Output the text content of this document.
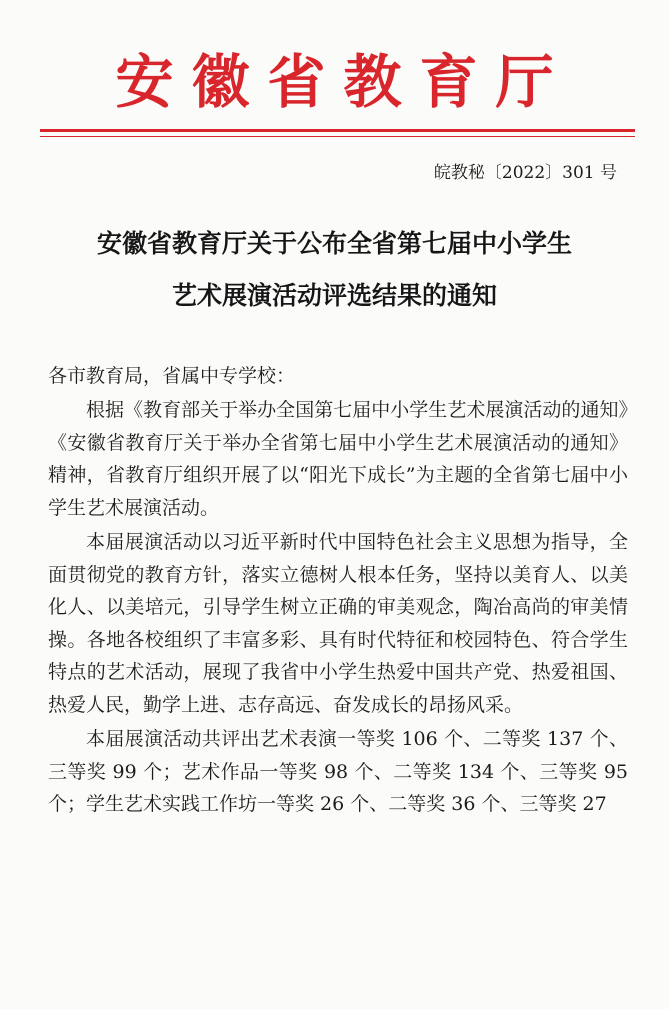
安徽省教育厅
皖教秘〔2022〕301 号
安徽省教育厅关于公布全省第七届中小学生
艺术展演活动评选结果的通知

各市教育局，省属中专学校：

根据《教育部关于举办全国第七届中小学生艺术展演活动的通知》《安徽省教育厅关于举办全省第七届中小学生艺术展演活动的通知》精神，省教育厅组织开展了以“阳光下成长”为主题的全省第七届中小学生艺术展演活动。

本届展演活动以习近平新时代中国特色社会主义思想为指导，全面贯彻党的教育方针，落实立德树人根本任务，坚持以美育人、以美化人、以美培元，引导学生树立正确的审美观念，陶冶高尚的审美情操。各地各校组织了丰富多彩、具有时代特征和校园特色、符合学生特点的艺术活动，展现了我省中小学生热爱中国共产党、热爱祖国、热爱人民，勤学上进、志存高远、奋发成长的昂扬风采。

本届展演活动共评出艺术表演一等奖 106 个、二等奖 137 个、三等奖 99 个；艺术作品一等奖 98 个、二等奖 134 个、三等奖 95 个；学生艺术实践工作坊一等奖 26 个、二等奖 36 个、三等奖 27
